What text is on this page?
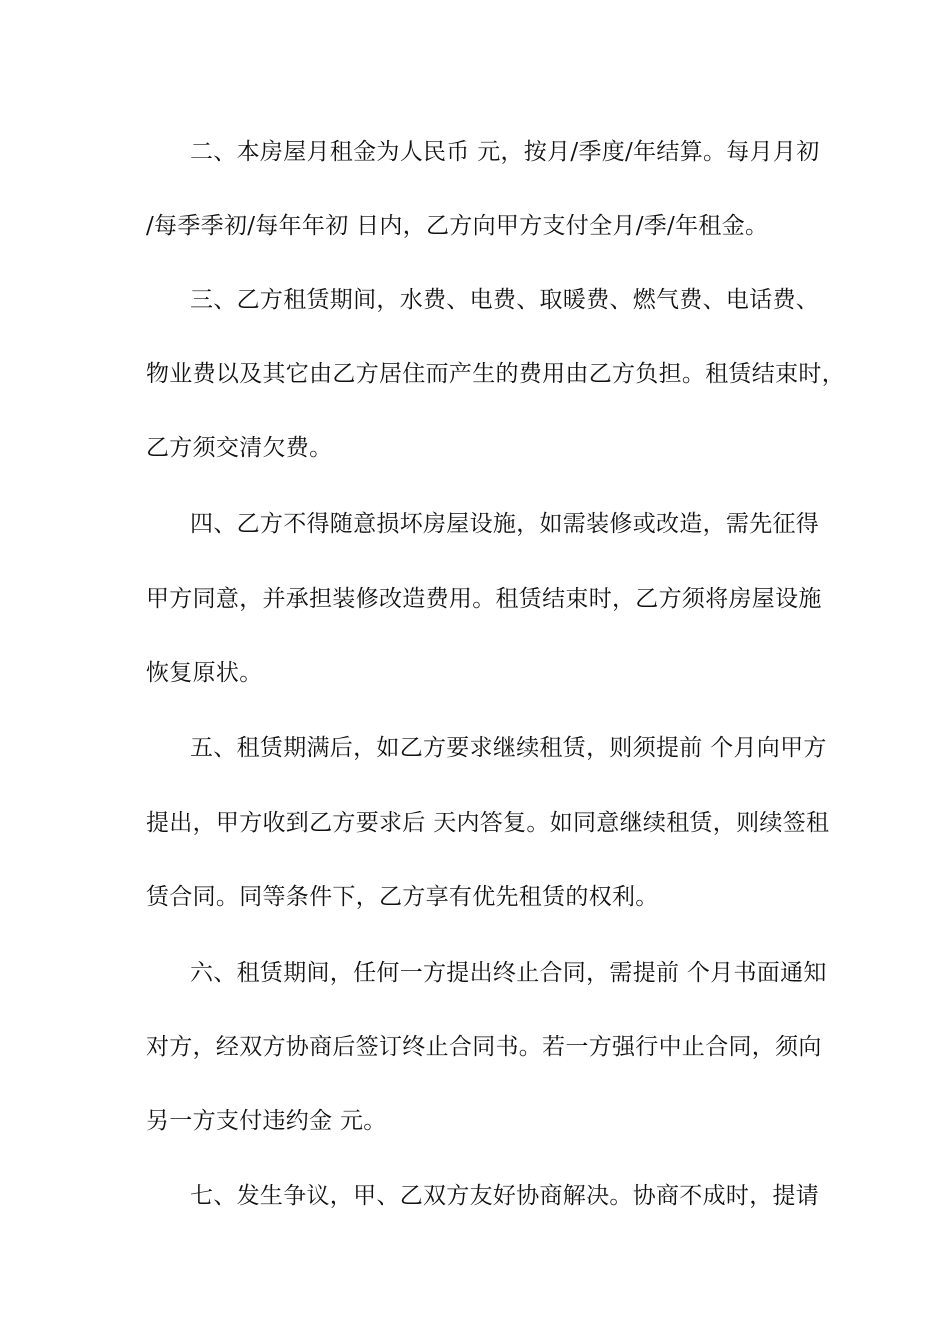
二、本房屋月租金为人民币 元，按月/季度/年结算。每月月初
/每季季初/每年年初 日内，乙方向甲方支付全月/季/年租金。
三、乙方租赁期间，水费、电费、取暖费、燃气费、电话费、
物业费以及其它由乙方居住而产生的费用由乙方负担。租赁结束时，
乙方须交清欠费。
四、乙方不得随意损坏房屋设施，如需装修或改造，需先征得
甲方同意，并承担装修改造费用。租赁结束时，乙方须将房屋设施
恢复原状。
五、租赁期满后，如乙方要求继续租赁，则须提前 个月向甲方
提出，甲方收到乙方要求后 天内答复。如同意继续租赁，则续签租
赁合同。同等条件下，乙方享有优先租赁的权利。
六、租赁期间，任何一方提出终止合同，需提前 个月书面通知
对方，经双方协商后签订终止合同书。若一方强行中止合同，须向
另一方支付违约金 元。
七、发生争议，甲、乙双方友好协商解决。协商不成时，提请
